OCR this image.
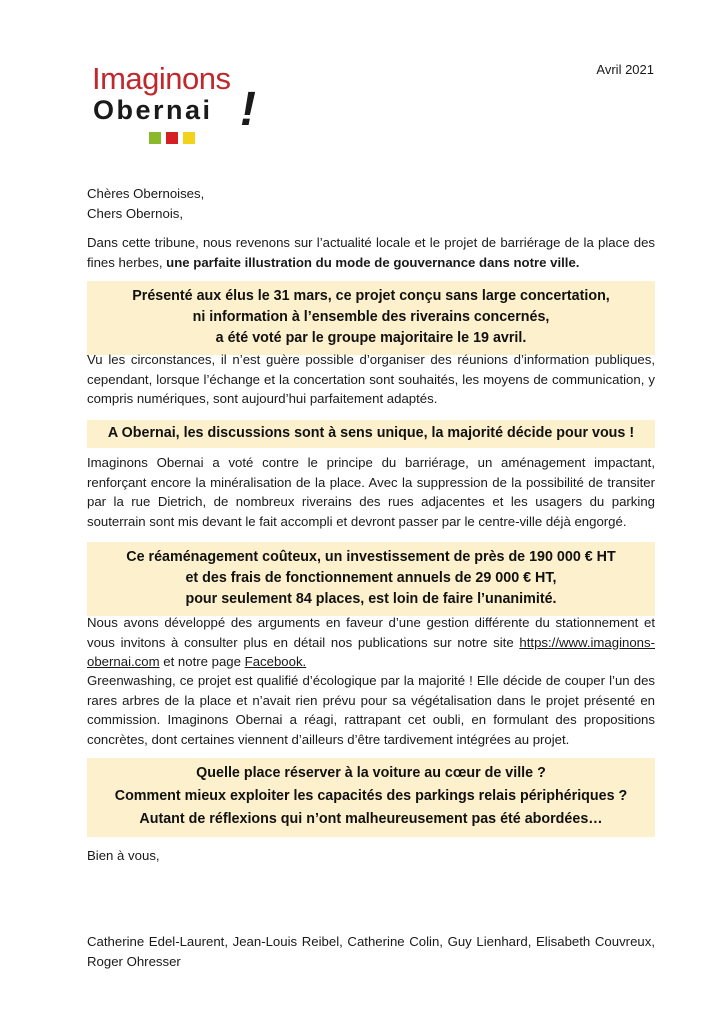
Imaginons
Obernai !
Avril 2021
Chères Obernoises,
Chers Obernois,
Dans cette tribune, nous revenons sur l’actualité locale et le projet de barriérage de la place des fines herbes, une parfaite illustration du mode de gouvernance dans notre ville.
Présenté aux élus le 31 mars, ce projet conçu sans large concertation,
ni information à l’ensemble des riverains concernés,
a été voté par le groupe majoritaire le 19 avril.
Vu les circonstances, il n’est guère possible d’organiser des réunions d’information publiques, cependant, lorsque l’échange et la concertation sont souhaités, les moyens de communication, y compris numériques, sont aujourd’hui parfaitement adaptés.
A Obernai, les discussions sont à sens unique, la majorité décide pour vous !
Imaginons Obernai a voté contre le principe du barriérage, un aménagement impactant, renforçant encore la minéralisation de la place. Avec la suppression de la possibilité de transiter par la rue Dietrich, de nombreux riverains des rues adjacentes et les usagers du parking souterrain sont mis devant le fait accompli et devront passer par le centre-ville déjà engorgé.
Ce réaménagement coûteux, un investissement de près de 190 000 € HT
et des frais de fonctionnement annuels de 29 000 € HT,
pour seulement 84 places, est loin de faire l’unanimité.
Nous avons développé des arguments en faveur d’une gestion différente du stationnement et vous invitons à consulter plus en détail nos publications sur notre site https://www.imaginons-obernai.com et notre page Facebook.
Greenwashing, ce projet est qualifié d’écologique par la majorité ! Elle décide de couper l’un des rares arbres de la place et n’avait rien prévu pour sa végétalisation dans le projet présenté en commission. Imaginons Obernai a réagi, rattrapant cet oubli, en formulant des propositions concrètes, dont certaines viennent d’ailleurs d’être tardivement intégrées au projet.
Quelle place réserver à la voiture au cœur de ville ?
Comment mieux exploiter les capacités des parkings relais périphériques ?
Autant de réflexions qui n’ont malheureusement pas été abordées…
Bien à vous,
Catherine Edel-Laurent, Jean-Louis Reibel, Catherine Colin, Guy Lienhard, Elisabeth Couvreux, Roger Ohresser
